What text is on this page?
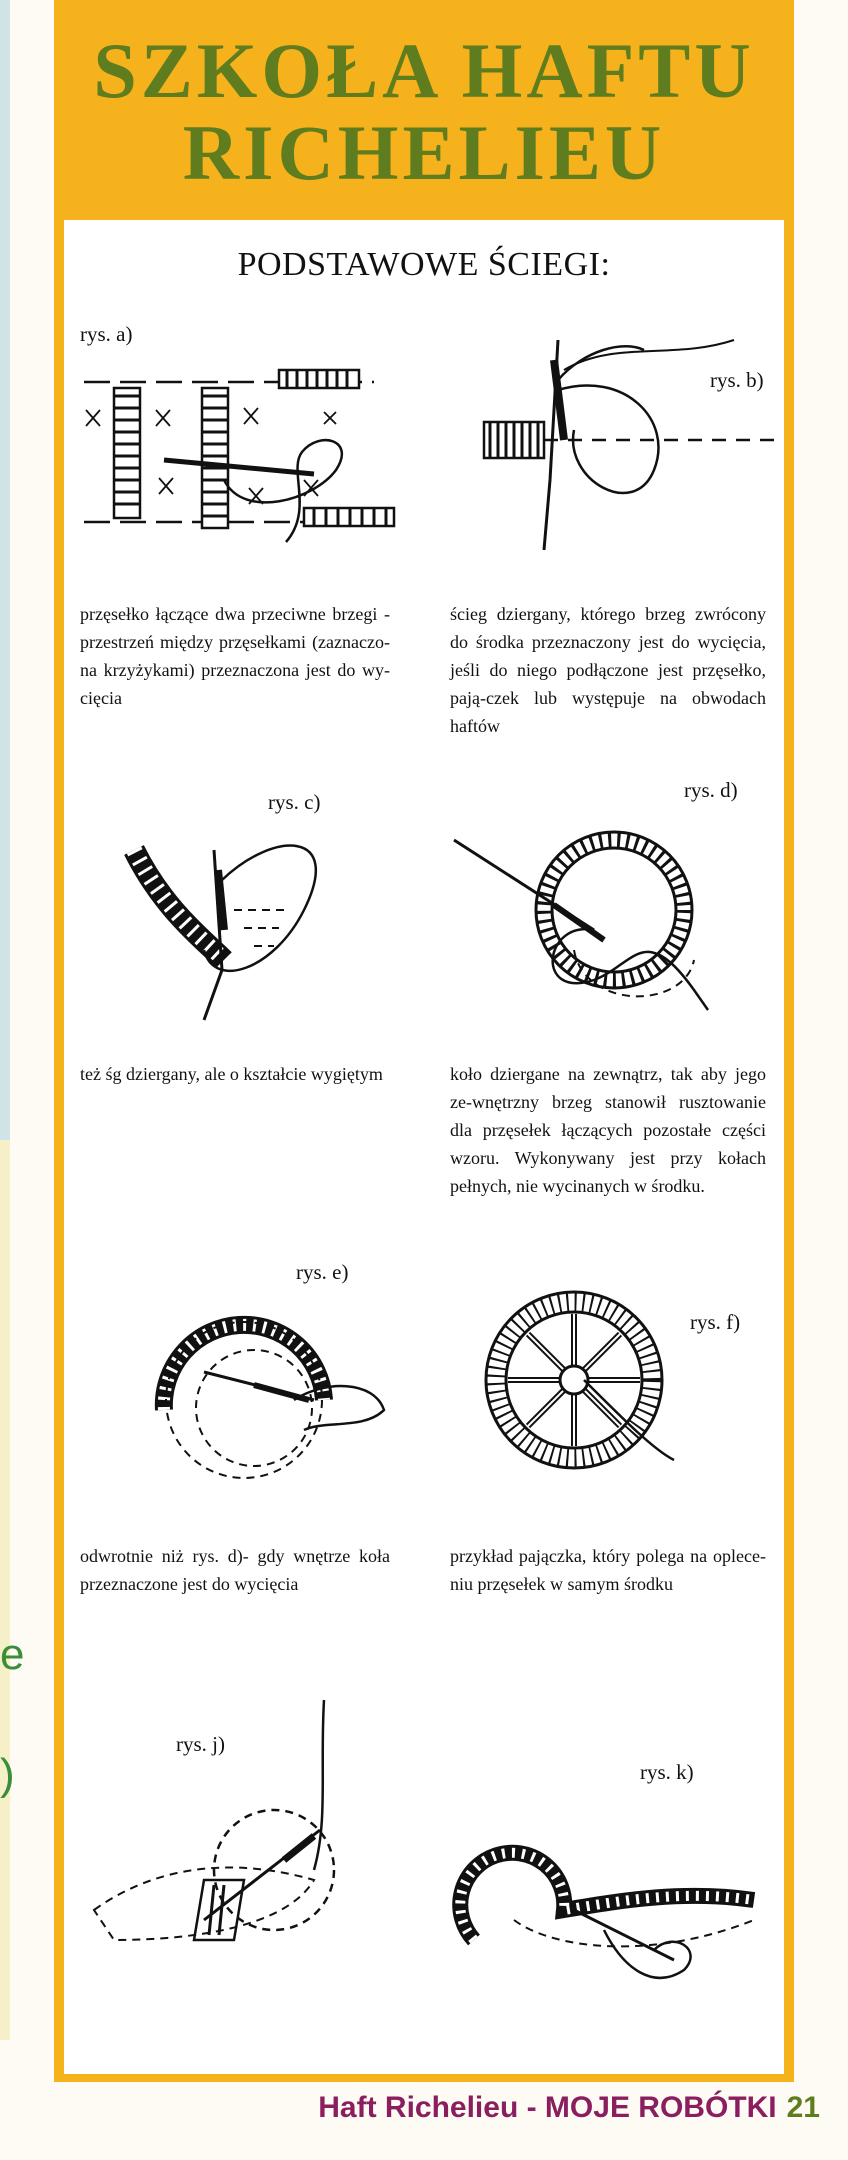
e
)
SZKOŁA HAFTU
RICHELIEU
PODSTAWOWE ŚCIEGI:
rys. a)
przęsełko łączące dwa przeciwne brzegi - przestrzeń między przęsełkami (zaznaczo-na krzyżykami) przeznaczona jest do wy-cięcia
rys. b)
ścieg dziergany, którego brzeg zwrócony do środka przeznaczony jest do wycięcia, jeśli do niego podłączone jest przęsełko, pają-czek lub występuje na obwodach haftów
rys. c)
też śg dziergany, ale o kształcie wygiętym
rys. d)
koło dziergane na zewnątrz, tak aby jego ze-wnętrzny brzeg stanowił rusztowanie dla przęsełek łączących pozostałe części wzoru. Wykonywany jest przy kołach pełnych, nie wycinanych w środku.
rys. e)
odwrotnie niż rys. d)- gdy wnętrze koła przeznaczone jest do wycięcia
rys. f)
przykład pajączka, który polega na oplece-niu przęsełek w samym środku
rys. j)
rys. k)
Haft Richelieu - MOJE ROBÓTKI 21
